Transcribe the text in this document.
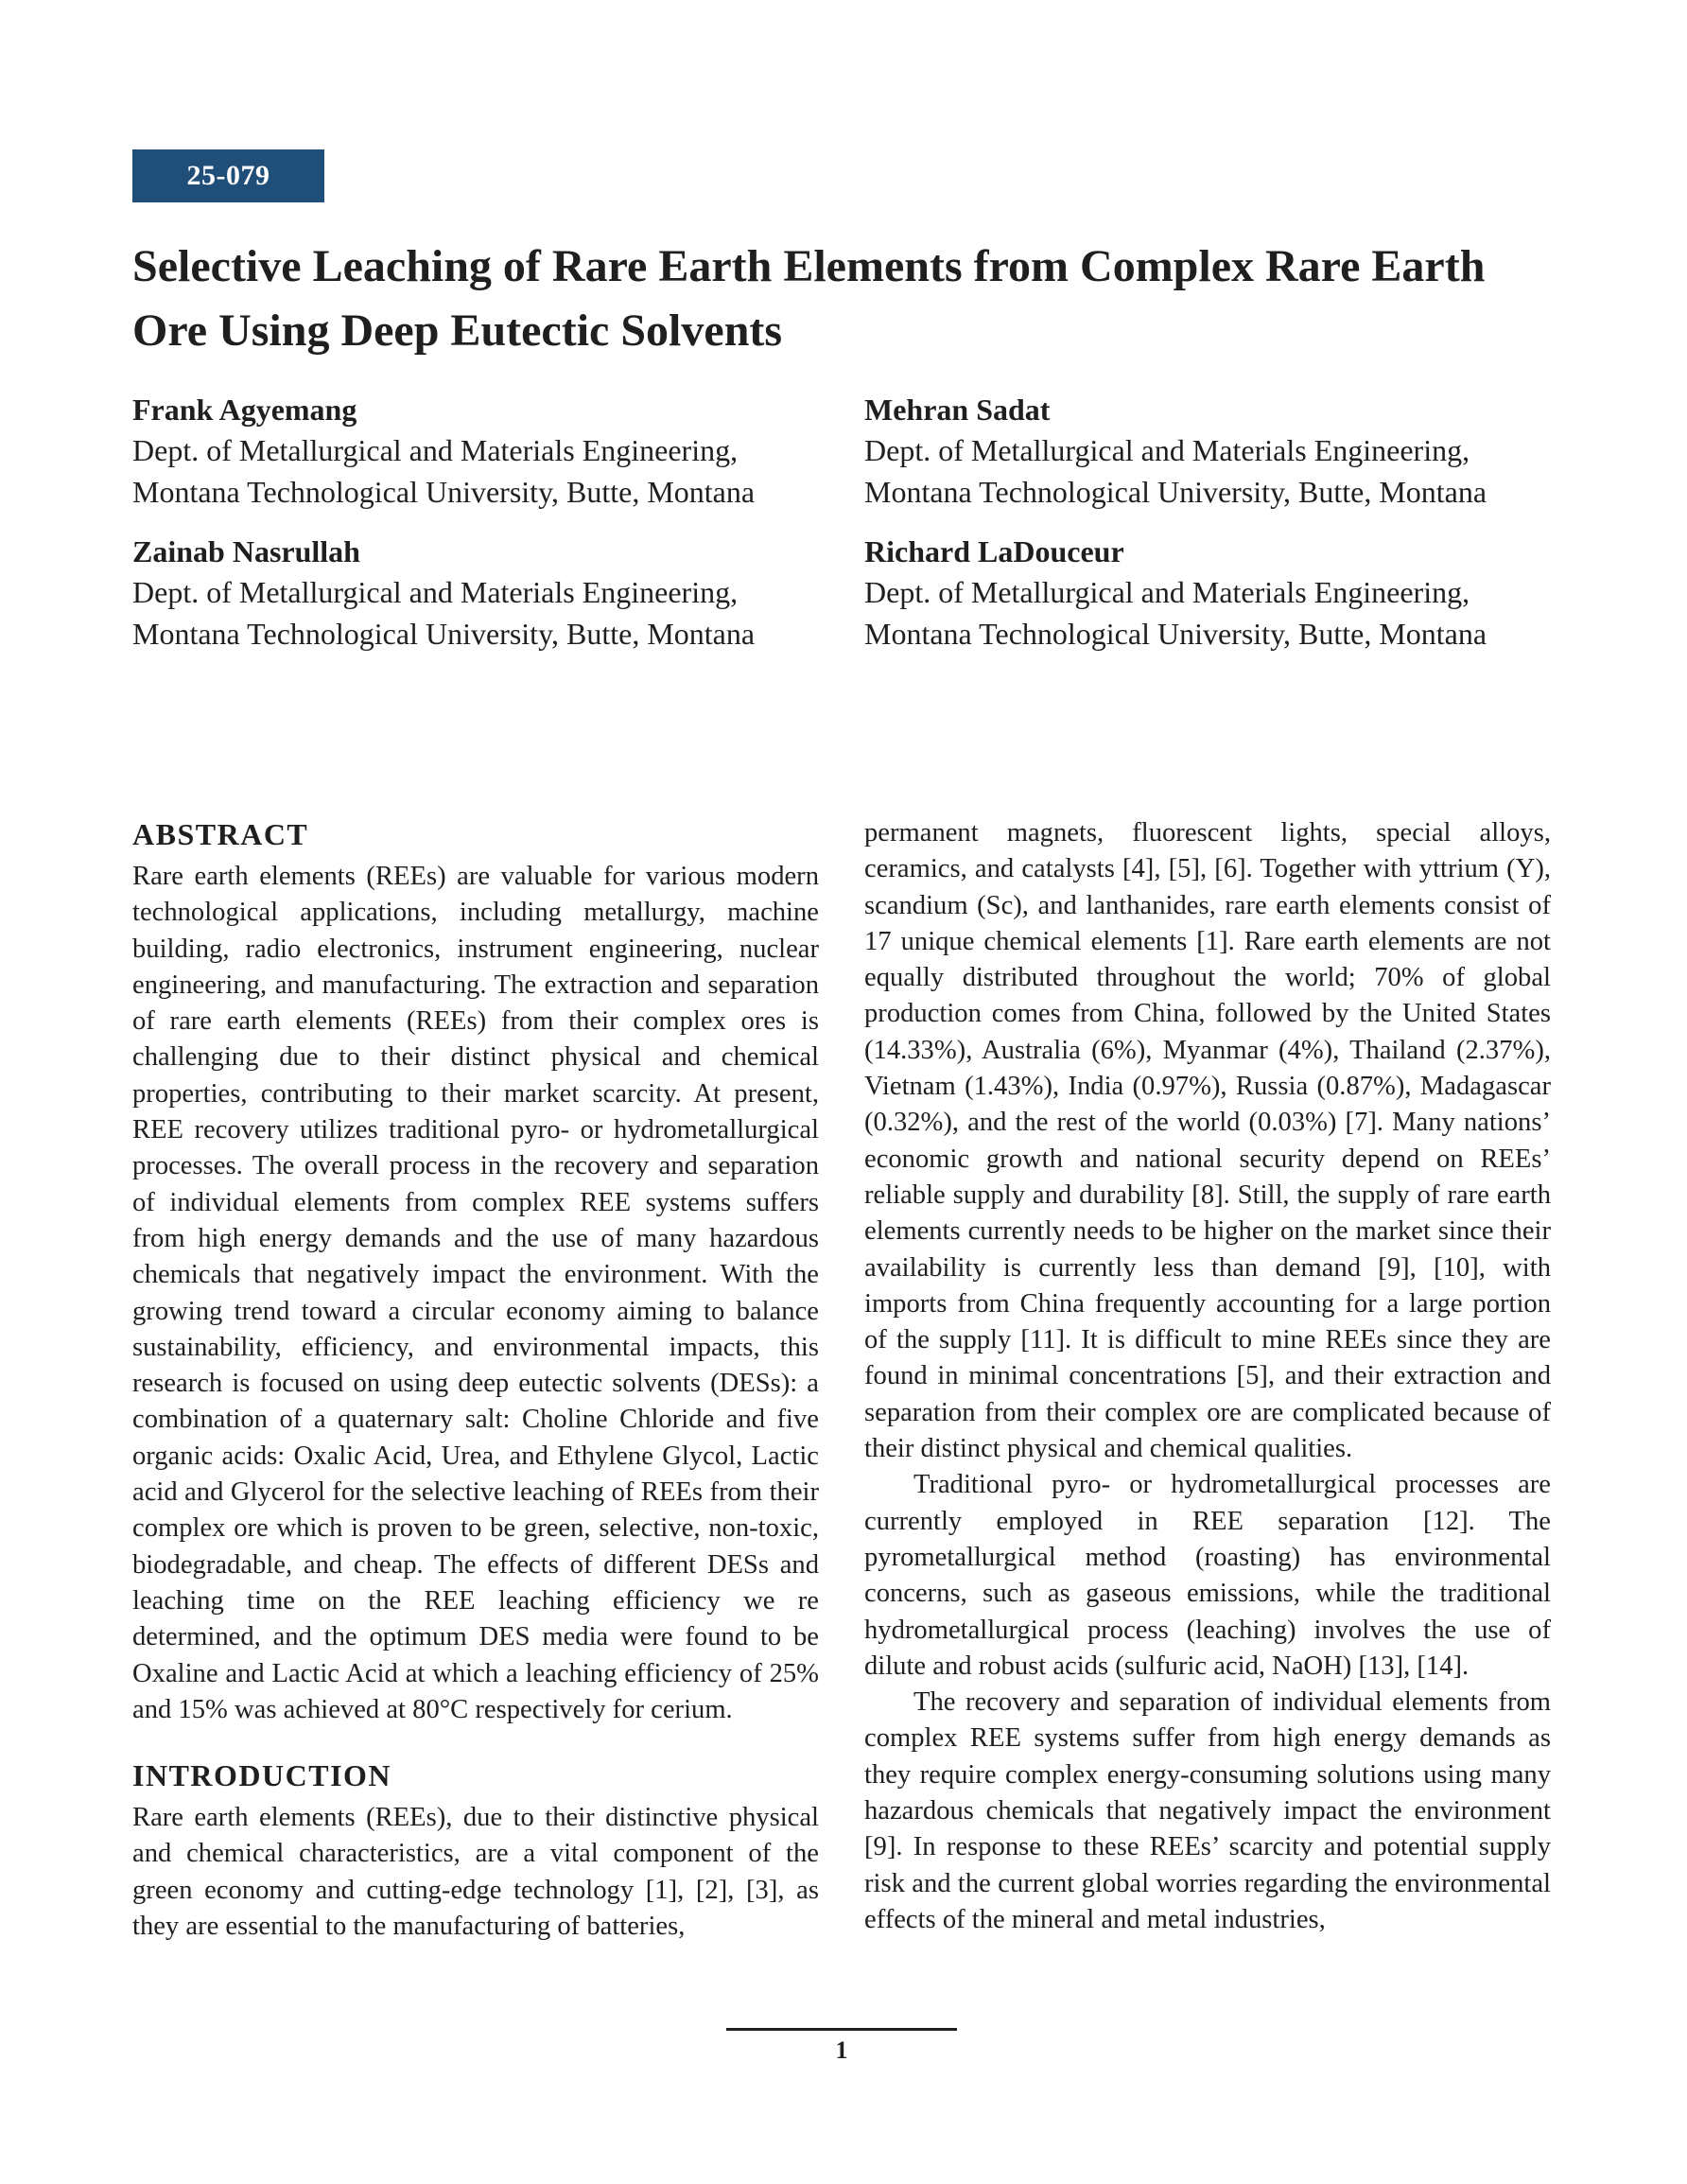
25-079
Selective Leaching of Rare Earth Elements from Complex Rare Earth Ore Using Deep Eutectic Solvents
Frank Agyemang
Dept. of Metallurgical and Materials Engineering,
Montana Technological University, Butte, Montana
Mehran Sadat
Dept. of Metallurgical and Materials Engineering,
Montana Technological University, Butte, Montana
Zainab Nasrullah
Dept. of Metallurgical and Materials Engineering,
Montana Technological University, Butte, Montana
Richard LaDouceur
Dept. of Metallurgical and Materials Engineering,
Montana Technological University, Butte, Montana
ABSTRACT

Rare earth elements (REEs) are valuable for various modern technological applications, including metallurgy, machine building, radio electronics, instrument engineering, nuclear engineering, and manufacturing. The extraction and separation of rare earth elements (REEs) from their complex ores is challenging due to their distinct physical and chemical properties, contributing to their market scarcity. At present, REE recovery utilizes traditional pyro- or hydrometallurgical processes. The overall process in the recovery and separation of individual elements from complex REE systems suffers from high energy demands and the use of many hazardous chemicals that negatively impact the environment. With the growing trend toward a circular economy aiming to balance sustainability, efficiency, and environmental impacts, this research is focused on using deep eutectic solvents (DESs): a combination of a quaternary salt: Choline Chloride and five organic acids: Oxalic Acid, Urea, and Ethylene Glycol, Lactic acid and Glycerol for the selective leaching of REEs from their complex ore which is proven to be green, selective, non-toxic, biodegradable, and cheap. The effects of different DESs and leaching time on the REE leaching efficiency we re determined, and the optimum DES media were found to be Oxaline and Lactic Acid at which a leaching efficiency of 25% and 15% was achieved at 80°C respectively for cerium.

INTRODUCTION

Rare earth elements (REEs), due to their distinctive physical and chemical characteristics, are a vital component of the green economy and cutting-edge technology [1], [2], [3], as they are essential to the manufacturing of batteries,

permanent magnets, fluorescent lights, special alloys, ceramics, and catalysts [4], [5], [6]. Together with yttrium (Y), scandium (Sc), and lanthanides, rare earth elements consist of 17 unique chemical elements [1]. Rare earth elements are not equally distributed throughout the world; 70% of global production comes from China, followed by the United States (14.33%), Australia (6%), Myanmar (4%), Thailand (2.37%), Vietnam (1.43%), India (0.97%), Russia (0.87%), Madagascar (0.32%), and the rest of the world (0.03%) [7]. Many nations’ economic growth and national security depend on REEs’ reliable supply and durability [8]. Still, the supply of rare earth elements currently needs to be higher on the market since their availability is currently less than demand [9], [10], with imports from China frequently accounting for a large portion of the supply [11]. It is difficult to mine REEs since they are found in minimal concentrations [5], and their extraction and separation from their complex ore are complicated because of their distinct physical and chemical qualities.

Traditional pyro- or hydrometallurgical processes are currently employed in REE separation [12]. The pyrometallurgical method (roasting) has environmental concerns, such as gaseous emissions, while the traditional hydrometallurgical process (leaching) involves the use of dilute and robust acids (sulfuric acid, NaOH) [13], [14].

The recovery and separation of individual elements from complex REE systems suffer from high energy demands as they require complex energy-consuming solutions using many hazardous chemicals that negatively impact the environment [9]. In response to these REEs’ scarcity and potential supply risk and the current global worries regarding the environmental effects of the mineral and metal industries,

1
